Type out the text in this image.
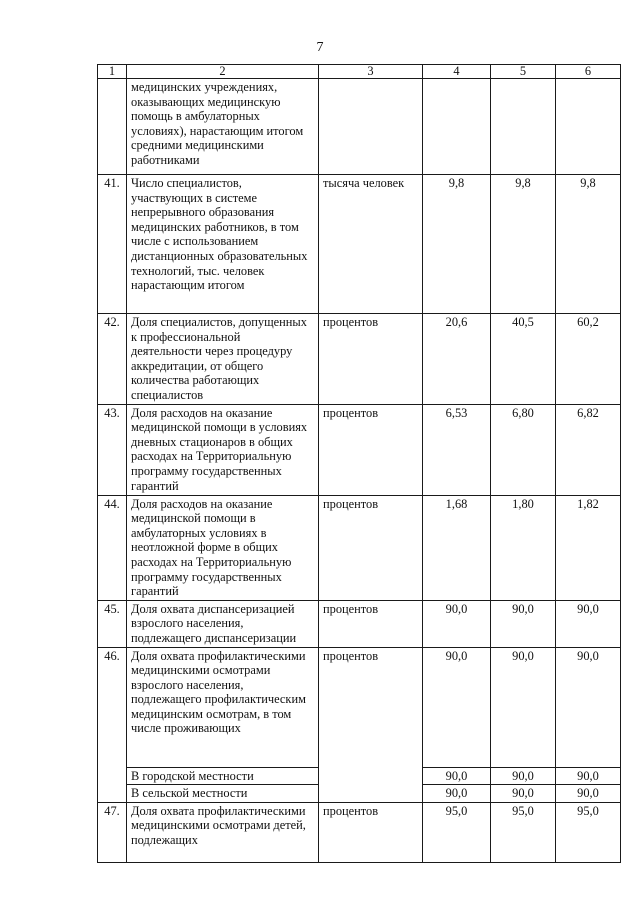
7
1	2	3	4	5	6
	медицинских учреждениях, оказывающих медицинскую помощь в амбулаторных условиях), нарастающим итогом средними медицинскими работниками				
41.	Число специалистов, участвующих в системе непрерывного образования медицинских работников, в том числе с использованием дистанционных образовательных технологий, тыс. человек нарастающим итогом	тысяча человек	9,8	9,8	9,8
42.	Доля специалистов, допущенных к профессиональной деятельности через процедуру аккредитации, от общего количества работающих специалистов	процентов	20,6	40,5	60,2
43.	Доля расходов на оказание медицинской помощи в условиях дневных стационаров в общих расходах на Территориальную программу государственных гарантий	процентов	6,53	6,80	6,82
44.	Доля расходов на оказание медицинской помощи в амбулаторных условиях в неотложной форме в общих расходах на Территориальную программу государственных гарантий	процентов	1,68	1,80	1,82
45.	Доля охвата диспансеризацией взрослого населения, подлежащего диспансеризации	процентов	90,0	90,0	90,0
46.	Доля охвата профилактическими медицинскими осмотрами взрослого населения, подлежащего профилактическим медицинским осмотрам, в том числе проживающих	процентов	90,0	90,0	90,0
	В городской местности		90,0	90,0	90,0
	В сельской местности		90,0	90,0	90,0
47.	Доля охвата профилактическими медицинскими осмотрами детей, подлежащих	процентов	95,0	95,0	95,0
